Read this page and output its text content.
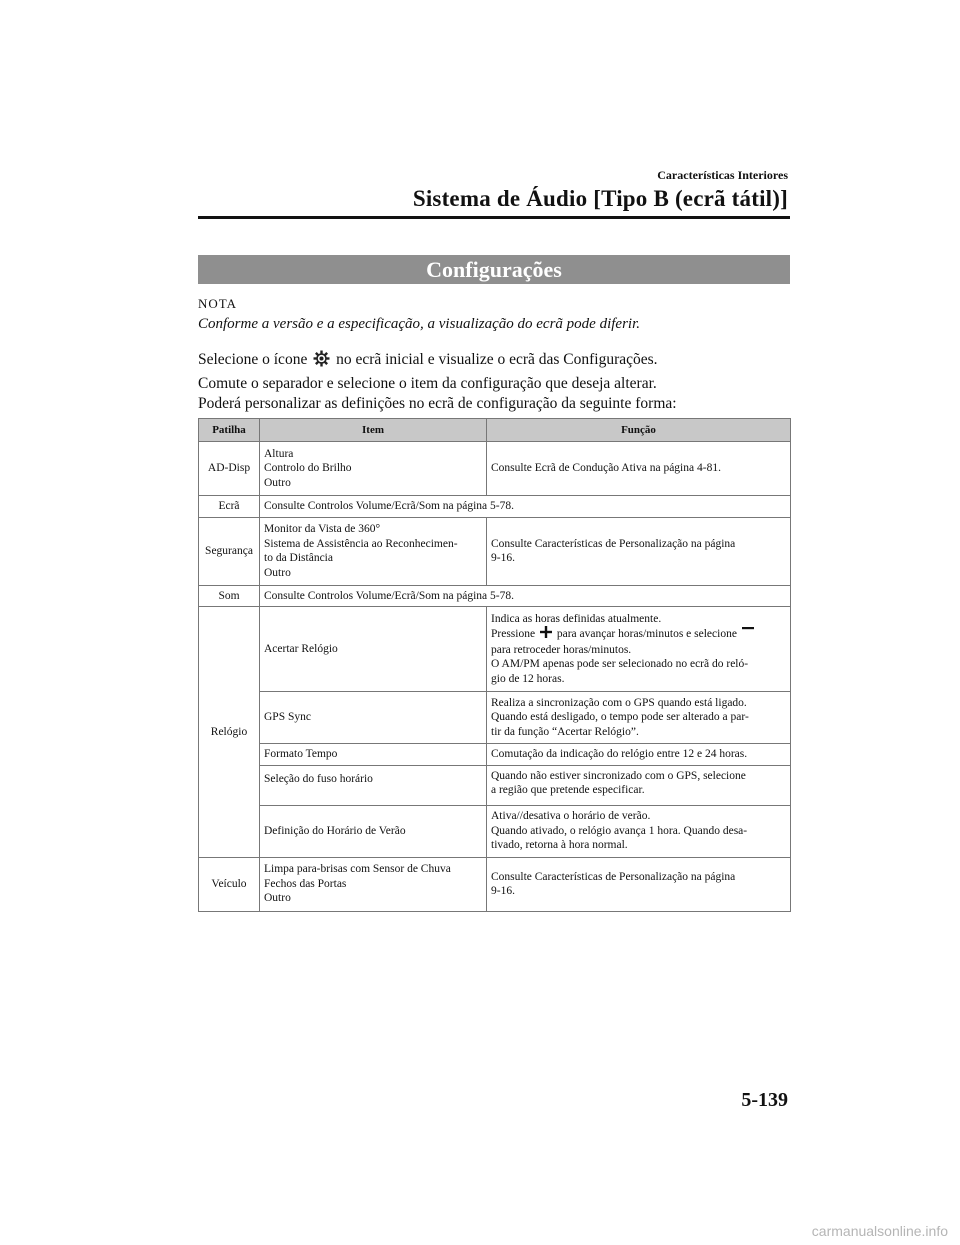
Características Interiores
Sistema de Áudio [Tipo B (ecrã tátil)]
Configurações
NOTA
Conforme a versão e a especificação, a visualização do ecrã pode diferir.

Selecione o ícone no ecrã inicial e visualize o ecrã das Configurações.

Comute o separador e selecione o item da configuração que deseja alterar.

Poderá personalizar as definições no ecrã de configuração da seguinte forma:

Patilha	Item	Função
AD-Disp	Altura
Controlo do Brilho
Outro	Consulte Ecrã de Condução Ativa na página 4-81.
Ecrã	Consulte Controlos Volume/Ecrã/Som na página 5-78.	
Segurança	Monitor da Vista de 360°
Sistema de Assistência ao Reconhecimen-
to da Distância
Outro	Consulte Características de Personalização na página
9-16.
Som	Consulte Controlos Volume/Ecrã/Som na página 5-78.	
Relógio	Acertar Relógio	Indica as horas definidas atualmente.
Pressione para avançar horas/minutos e selecione
para retroceder horas/minutos.
O AM/PM apenas pode ser selecionado no ecrã do reló-
gio de 12 horas.

	GPS Sync	Realiza a sincronização com o GPS quando está ligado.
Quando está desligado, o tempo pode ser alterado a par-
tir da função “Acertar Relógio”.
	Formato Tempo	Comutação da indicação do relógio entre 12 e 24 horas.
	Seleção do fuso horário	Quando não estiver sincronizado com o GPS, selecione
a região que pretende especificar.
	Definição do Horário de Verão	Ativa//desativa o horário de verão.
Quando ativado, o relógio avança 1 hora. Quando desa-
tivado, retorna à hora normal.
Veículo	Limpa para-brisas com Sensor de Chuva
Fechos das Portas
Outro	Consulte Características de Personalização na página
9-16.
5-139
carmanualsonline.info
